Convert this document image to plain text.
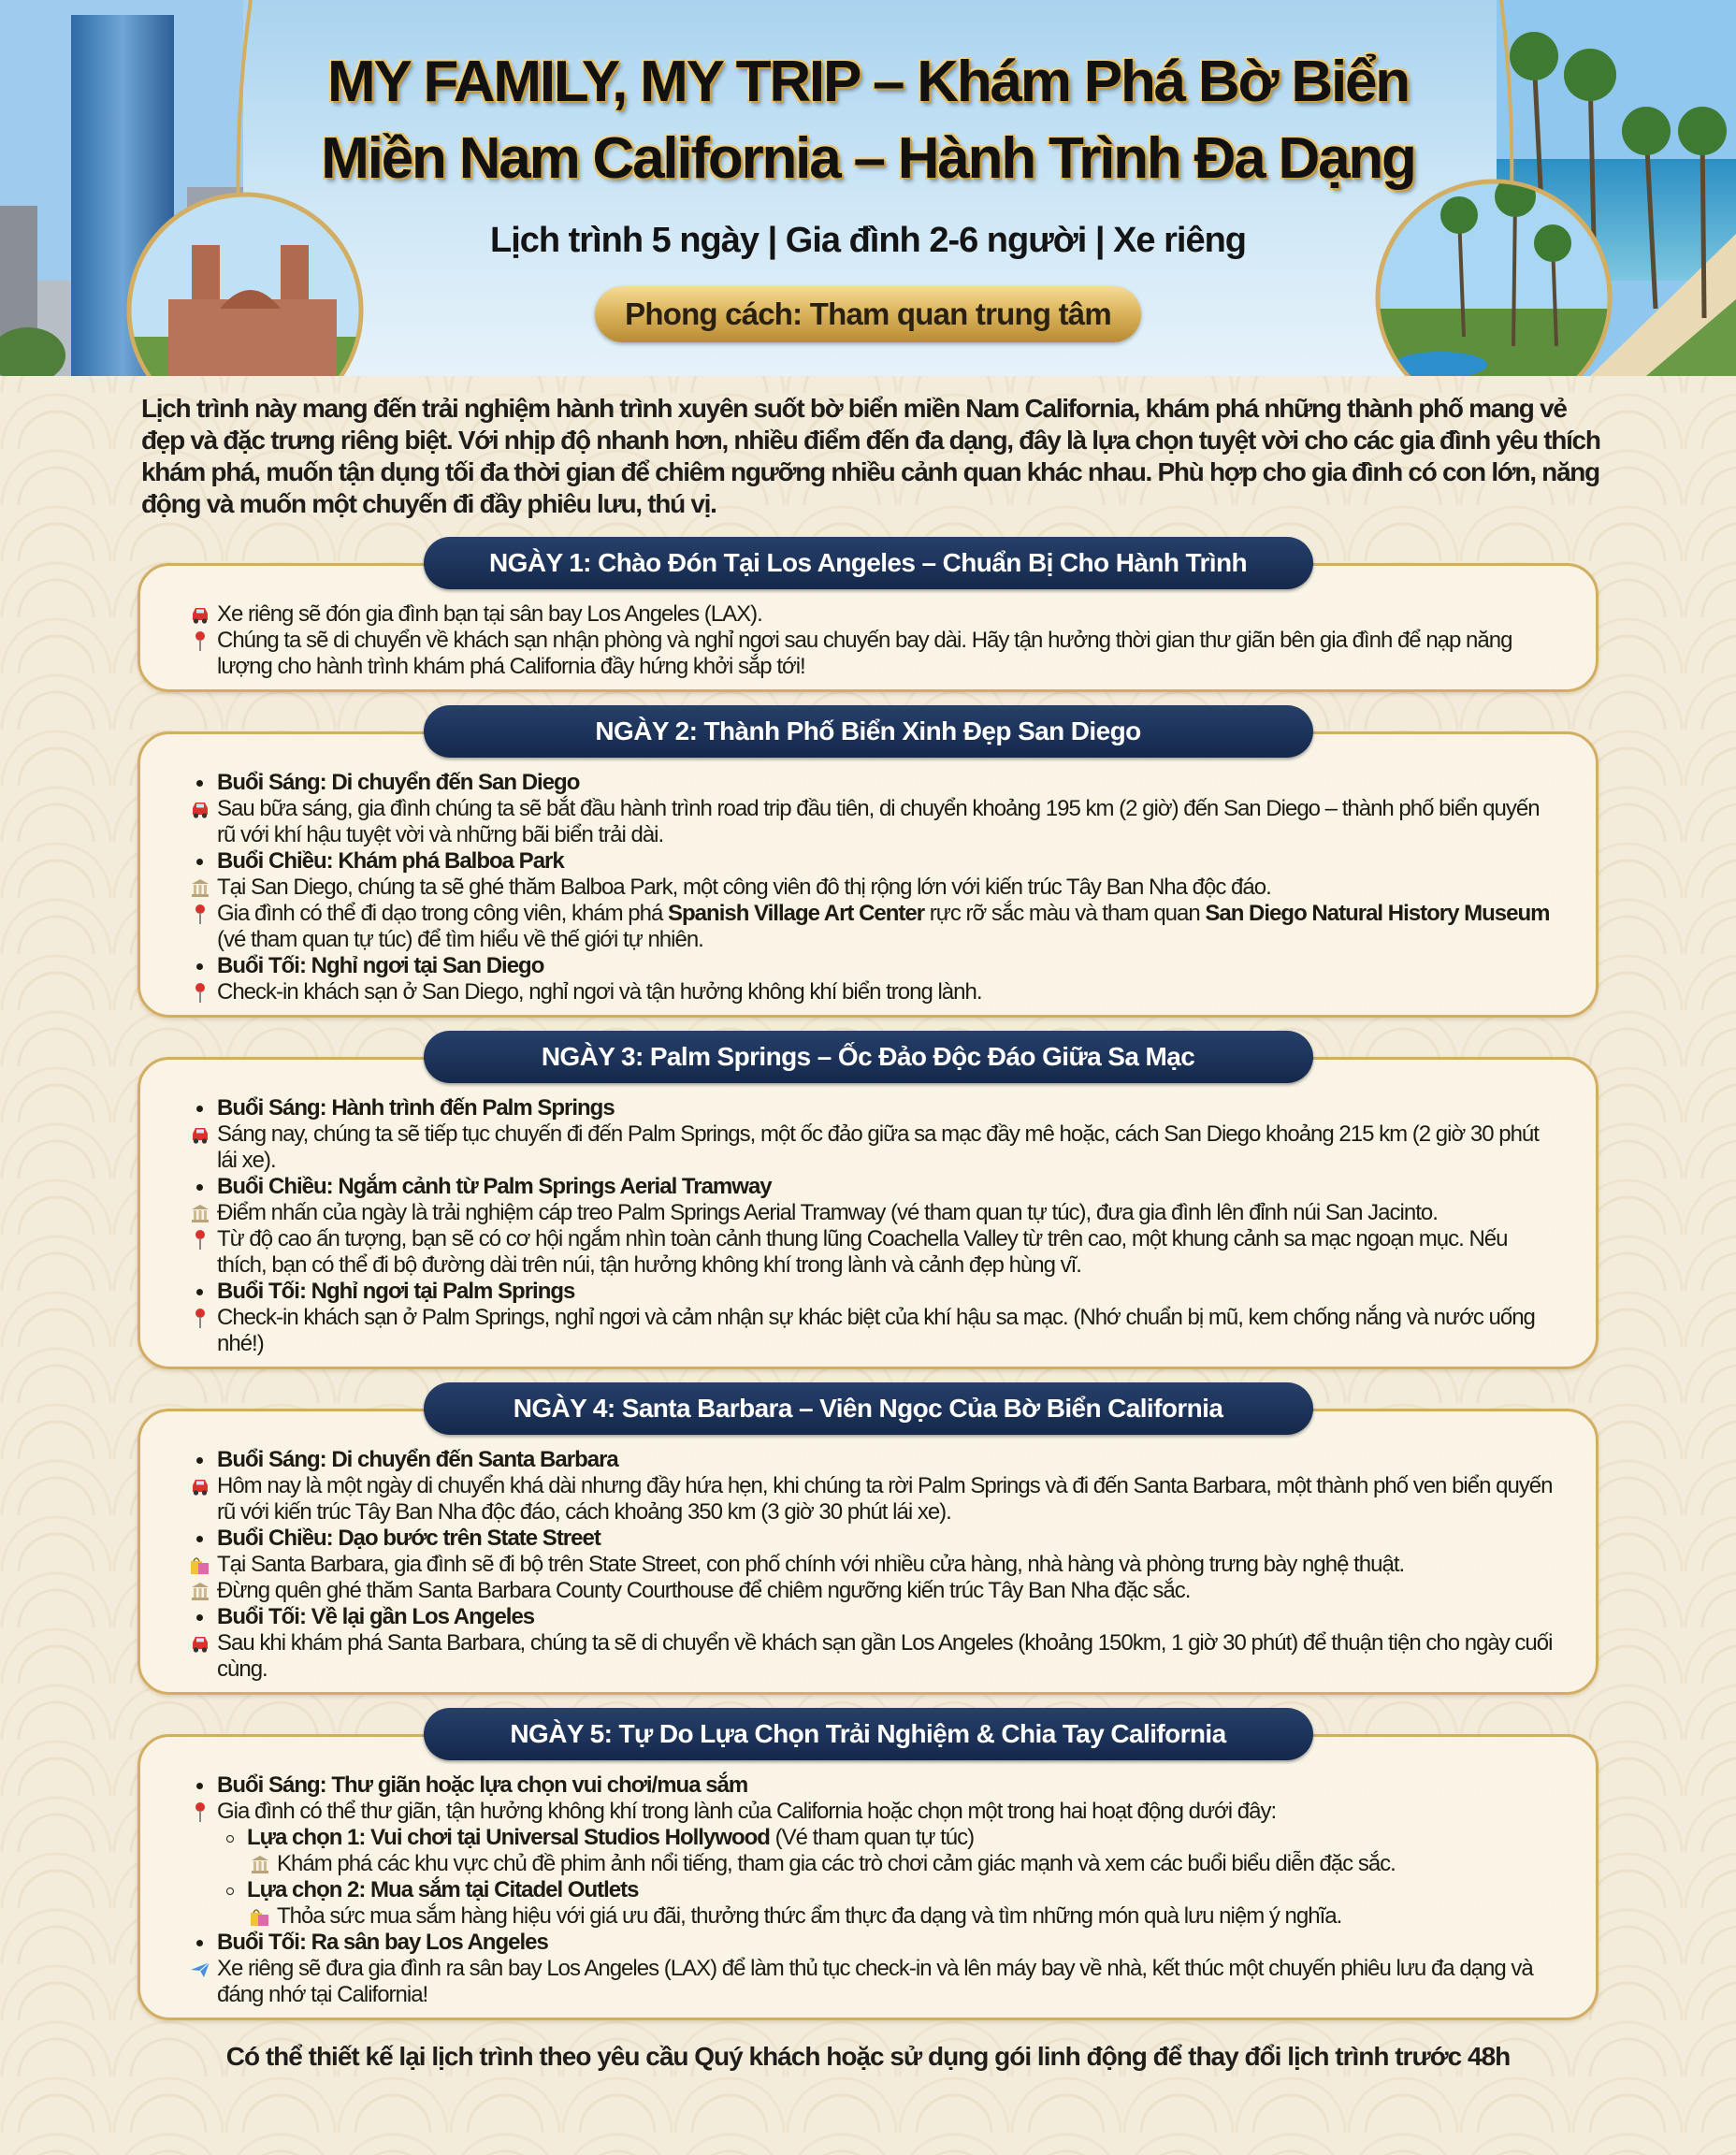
MY FAMILY, MY TRIP – Khám Phá Bờ Biển
Miền Nam California – Hành Trình Đa Dạng
Lịch trình 5 ngày | Gia đình 2-6 người | Xe riêng
Phong cách: Tham quan trung tâm
Lịch trình này mang đến trải nghiệm hành trình xuyên suốt bờ biển miền Nam California, khám phá những thành phố mang vẻ đẹp và đặc trưng riêng biệt. Với nhịp độ nhanh hơn, nhiều điểm đến đa dạng, đây là lựa chọn tuyệt vời cho các gia đình yêu thích khám phá, muốn tận dụng tối đa thời gian để chiêm ngưỡng nhiều cảnh quan khác nhau. Phù hợp cho gia đình có con lớn, năng động và muốn một chuyến đi đầy phiêu lưu, thú vị.
NGÀY 1: Chào Đón Tại Los Angeles – Chuẩn Bị Cho Hành Trình
Xe riêng sẽ đón gia đình bạn tại sân bay Los Angeles (LAX).
Chúng ta sẽ di chuyển về khách sạn nhận phòng và nghỉ ngơi sau chuyến bay dài. Hãy tận hưởng thời gian thư giãn bên gia đình để nạp năng lượng cho hành trình khám phá California đầy hứng khởi sắp tới!
NGÀY 2: Thành Phố Biển Xinh Đẹp San Diego
Buổi Sáng: Di chuyển đến San Diego
Sau bữa sáng, gia đình chúng ta sẽ bắt đầu hành trình road trip đầu tiên, di chuyển khoảng 195 km (2 giờ) đến San Diego – thành phố biển quyến rũ với khí hậu tuyệt vời và những bãi biển trải dài.
Buổi Chiều: Khám phá Balboa Park
Tại San Diego, chúng ta sẽ ghé thăm Balboa Park, một công viên đô thị rộng lớn với kiến trúc Tây Ban Nha độc đáo.
Gia đình có thể đi dạo trong công viên, khám phá Spanish Village Art Center rực rỡ sắc màu và tham quan San Diego Natural History Museum (vé tham quan tự túc) để tìm hiểu về thế giới tự nhiên.
Buổi Tối: Nghỉ ngơi tại San Diego
Check-in khách sạn ở San Diego, nghỉ ngơi và tận hưởng không khí biển trong lành.
NGÀY 3: Palm Springs – Ốc Đảo Độc Đáo Giữa Sa Mạc
Buổi Sáng: Hành trình đến Palm Springs
Sáng nay, chúng ta sẽ tiếp tục chuyến đi đến Palm Springs, một ốc đảo giữa sa mạc đầy mê hoặc, cách San Diego khoảng 215 km (2 giờ 30 phút lái xe).
Buổi Chiều: Ngắm cảnh từ Palm Springs Aerial Tramway
Điểm nhấn của ngày là trải nghiệm cáp treo Palm Springs Aerial Tramway (vé tham quan tự túc), đưa gia đình lên đỉnh núi San Jacinto.
Từ độ cao ấn tượng, bạn sẽ có cơ hội ngắm nhìn toàn cảnh thung lũng Coachella Valley từ trên cao, một khung cảnh sa mạc ngoạn mục. Nếu thích, bạn có thể đi bộ đường dài trên núi, tận hưởng không khí trong lành và cảnh đẹp hùng vĩ.
Buổi Tối: Nghỉ ngơi tại Palm Springs
Check-in khách sạn ở Palm Springs, nghỉ ngơi và cảm nhận sự khác biệt của khí hậu sa mạc. (Nhớ chuẩn bị mũ, kem chống nắng và nước uống nhé!)
NGÀY 4: Santa Barbara – Viên Ngọc Của Bờ Biển California
Buổi Sáng: Di chuyển đến Santa Barbara
Hôm nay là một ngày di chuyển khá dài nhưng đầy hứa hẹn, khi chúng ta rời Palm Springs và đi đến Santa Barbara, một thành phố ven biển quyến rũ với kiến trúc Tây Ban Nha độc đáo, cách khoảng 350 km (3 giờ 30 phút lái xe).
Buổi Chiều: Dạo bước trên State Street
Tại Santa Barbara, gia đình sẽ đi bộ trên State Street, con phố chính với nhiều cửa hàng, nhà hàng và phòng trưng bày nghệ thuật.
Đừng quên ghé thăm Santa Barbara County Courthouse để chiêm ngưỡng kiến trúc Tây Ban Nha đặc sắc.
Buổi Tối: Về lại gần Los Angeles
Sau khi khám phá Santa Barbara, chúng ta sẽ di chuyển về khách sạn gần Los Angeles (khoảng 150km, 1 giờ 30 phút) để thuận tiện cho ngày cuối cùng.
NGÀY 5: Tự Do Lựa Chọn Trải Nghiệm & Chia Tay California
Buổi Sáng: Thư giãn hoặc lựa chọn vui chơi/mua sắm
Gia đình có thể thư giãn, tận hưởng không khí trong lành của California hoặc chọn một trong hai hoạt động dưới đây:
Lựa chọn 1: Vui chơi tại Universal Studios Hollywood (Vé tham quan tự túc)
Khám phá các khu vực chủ đề phim ảnh nổi tiếng, tham gia các trò chơi cảm giác mạnh và xem các buổi biểu diễn đặc sắc.
Lựa chọn 2: Mua sắm tại Citadel Outlets
Thỏa sức mua sắm hàng hiệu với giá ưu đãi, thưởng thức ẩm thực đa dạng và tìm những món quà lưu niệm ý nghĩa.
Buổi Tối: Ra sân bay Los Angeles
Xe riêng sẽ đưa gia đình ra sân bay Los Angeles (LAX) để làm thủ tục check-in và lên máy bay về nhà, kết thúc một chuyến phiêu lưu đa dạng và đáng nhớ tại California!
Có thể thiết kế lại lịch trình theo yêu cầu Quý khách hoặc sử dụng gói linh động để thay đổi lịch trình trước 48h
